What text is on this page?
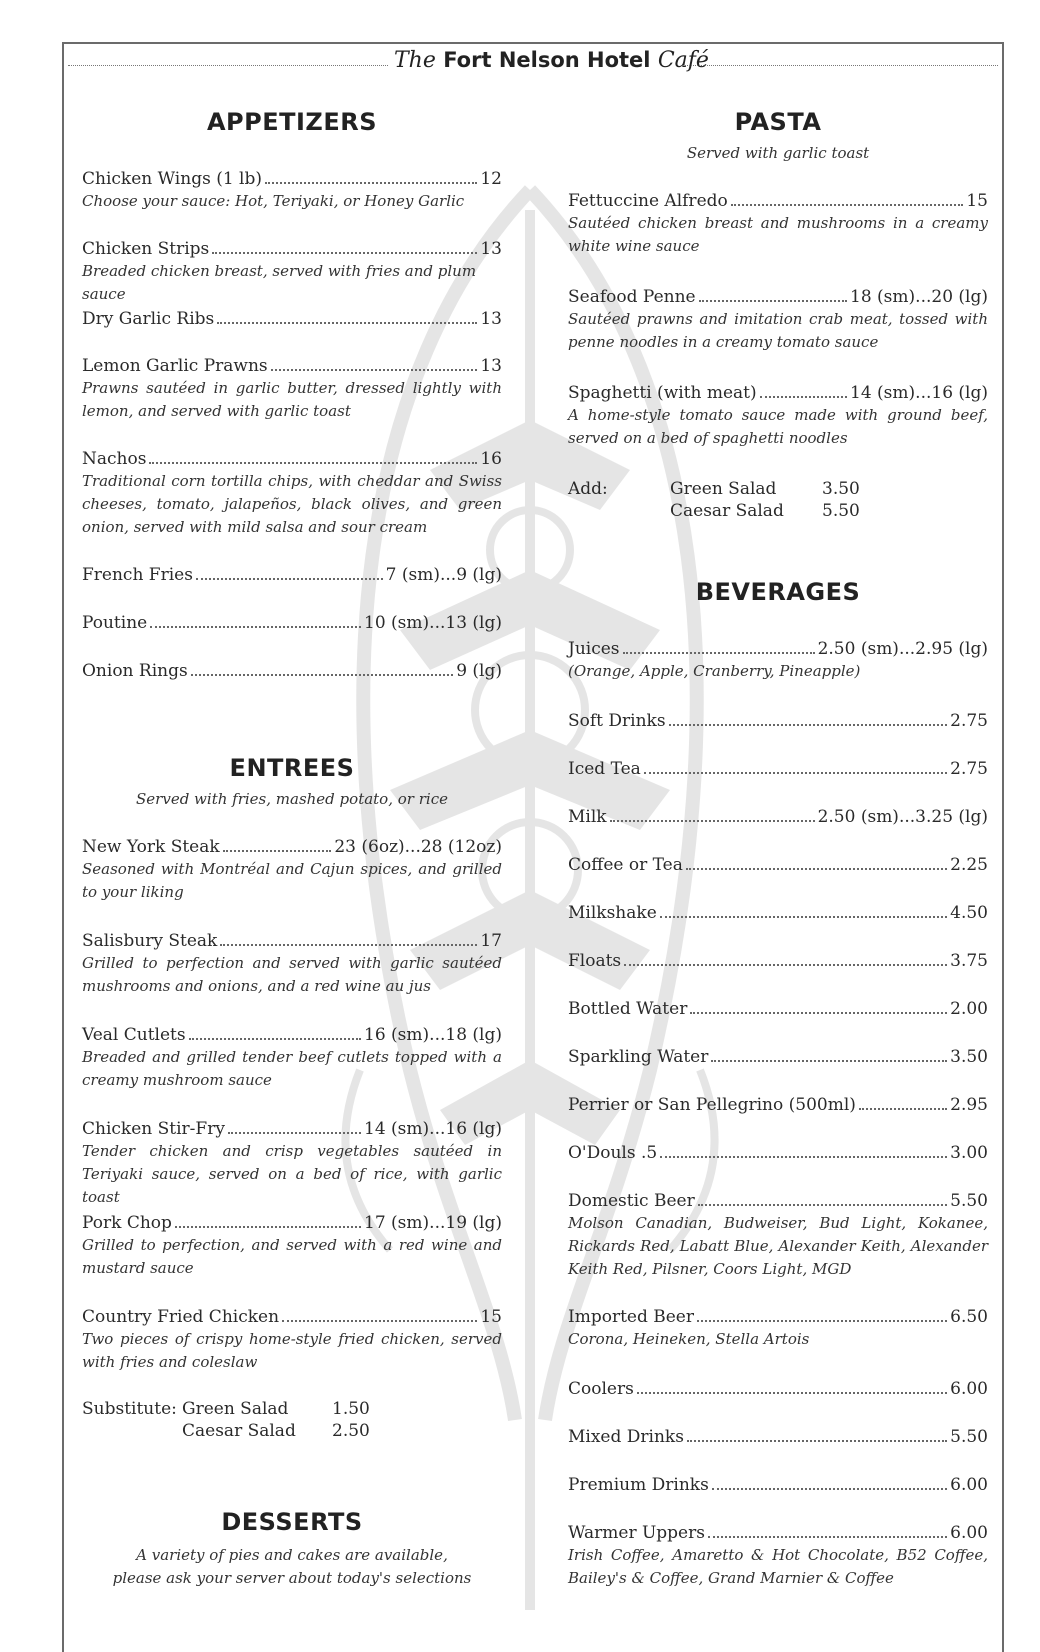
The Fort Nelson Hotel Café
APPETIZERS
Chicken Wings (1 lb)	12
Choose your sauce: Hot, Teriyaki, or Honey Garlic
Chicken Strips	13
Breaded chicken breast, served with fries and plum sauce
Dry Garlic Ribs	13
Lemon Garlic Prawns	13
Prawns sautéed in garlic butter, dressed lightly with lemon, and served with garlic toast
Nachos	16
Traditional corn tortilla chips, with cheddar and Swiss cheeses, tomato, jalapeños, black olives, and green onion, served with mild salsa and sour cream
French Fries	7 (sm)...9 (lg)
Poutine	10 (sm)...13 (lg)
Onion Rings	9 (lg)
ENTREES
Served with fries, mashed potato, or rice
New York Steak	23 (6oz)...28 (12oz)
Seasoned with Montréal and Cajun spices, and grilled to your liking
Salisbury Steak	17
Grilled to perfection and served with garlic sautéed mushrooms and onions, and a red wine au jus
Veal Cutlets	16 (sm)...18 (lg)
Breaded and grilled tender beef cutlets topped with a creamy mushroom sauce
Chicken Stir-Fry	14 (sm)...16 (lg)
Tender chicken and crisp vegetables sautéed in Teriyaki sauce, served on a bed of rice, with garlic toast
Pork Chop	17 (sm)...19 (lg)
Grilled to perfection, and served with a red wine and mustard sauce
Country Fried Chicken	15
Two pieces of crispy home-style fried chicken, served with fries and coleslaw
Substitute: Green Salad	1.50
Caesar Salad 2.50
DESSERTS
A variety of pies and cakes are available,
please ask your server about today's selections
PASTA
Served with garlic toast
Fettuccine Alfredo	15
Sautéed chicken breast and mushrooms in a creamy white wine sauce
Seafood Penne	18 (sm)...20 (lg)
Sautéed prawns and imitation crab meat, tossed with penne noodles in a creamy tomato sauce
Spaghetti (with meat)	14 (sm)...16 (lg)
A home-style tomato sauce made with ground beef, served on a bed of spaghetti noodles
Add:	Green Salad	3.50
Caesar Salad 5.50
BEVERAGES
Juices	2.50 (sm)...2.95 (lg)
(Orange, Apple, Cranberry, Pineapple)
Soft Drinks	2.75
Iced Tea	2.75
Milk	2.50 (sm)...3.25 (lg)
Coffee or Tea	2.25
Milkshake	4.50
Floats	3.75
Bottled Water	2.00
Sparkling Water	3.50
Perrier or San Pellegrino (500ml)	2.95
O'Douls .5	3.00
Domestic Beer	5.50
Molson Canadian, Budweiser, Bud Light, Kokanee, Rickards Red, Labatt Blue, Alexander Keith, Alexander Keith Red, Pilsner, Coors Light, MGD
Imported Beer	6.50
Corona, Heineken, Stella Artois
Coolers	6.00
Mixed Drinks	5.50
Premium Drinks	6.00
Warmer Uppers	6.00
Irish Coffee, Amaretto & Hot Chocolate, B52 Coffee, Bailey's & Coffee, Grand Marnier & Coffee
